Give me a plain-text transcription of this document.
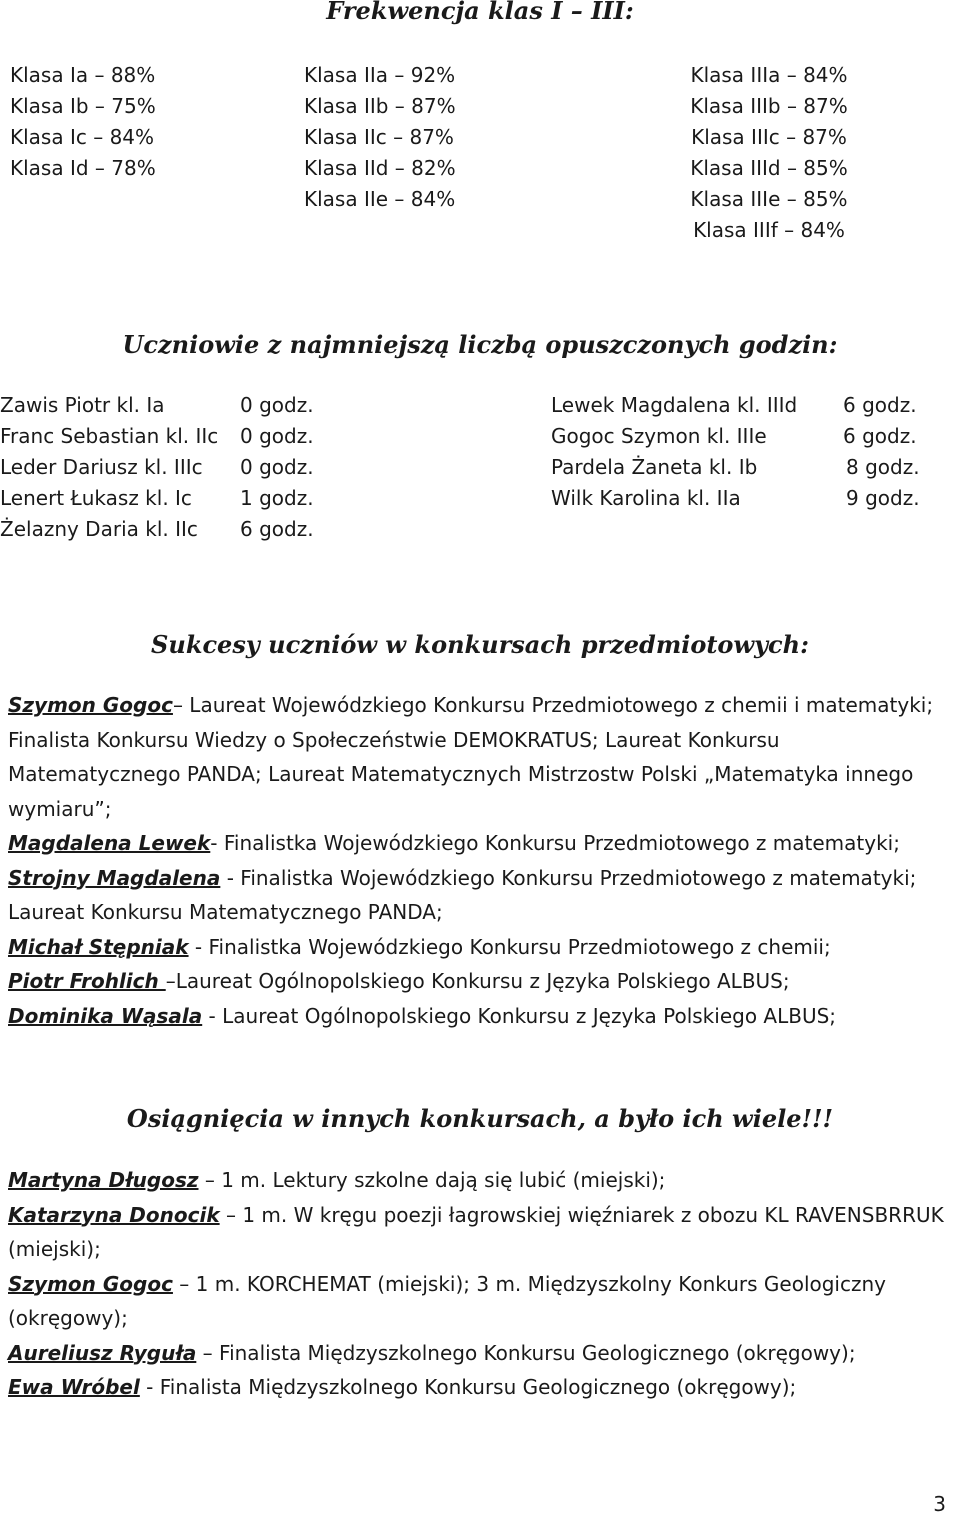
Frekwencja klas I – III:
Klasa Ia – 88%
Klasa Ib – 75%
Klasa Ic – 84%
Klasa Id – 78%
Klasa IIa – 92%
Klasa IIb – 87%
Klasa IIc – 87%
Klasa IId – 82%
Klasa IIe – 84%
Klasa IIIa – 84%
Klasa IIIb – 87%
Klasa IIIc – 87%
Klasa IIId – 85%
Klasa IIIe – 85%
Klasa IIIf – 84%
Uczniowie z najmniejszą liczbą opuszczonych godzin:
Zawis Piotr kl. Ia	0 godz.
Franc Sebastian kl. IIc 0 godz.
Leder Dariusz kl. IIIc 0 godz.
Lenert Łukasz kl. Ic 1 godz.
Żelazny Daria kl. IIc 6 godz.
Lewek Magdalena kl. IIId 6 godz.
Gogoc Szymon kl. IIIe	6 godz.
Pardela Żaneta kl. Ib	8 godz.
Wilk Karolina kl. IIa	9 godz.
Sukcesy uczniów w konkursach przedmiotowych:

Szymon Gogoc– Laureat Wojewódzkiego Konkursu Przedmiotowego z chemii i matematyki; Finalista Konkursu Wiedzy o Społeczeństwie DEMOKRATUS; Laureat Konkursu Matematycznego PANDA; Laureat Matematycznych Mistrzostw Polski „Matematyka innego wymiaru”;

Magdalena Lewek- Finalistka Wojewódzkiego Konkursu Przedmiotowego z matematyki;

Strojny Magdalena - Finalistka Wojewódzkiego Konkursu Przedmiotowego z matematyki; Laureat Konkursu Matematycznego PANDA;

Michał Stępniak - Finalistka Wojewódzkiego Konkursu Przedmiotowego z chemii;

Piotr Frohlich –Laureat Ogólnopolskiego Konkursu z Języka Polskiego ALBUS;

Dominika Wąsala - Laureat Ogólnopolskiego Konkursu z Języka Polskiego ALBUS;

Osiągnięcia w innych konkursach, a było ich wiele!!!

Martyna Długosz – 1 m. Lektury szkolne dają się lubić (miejski);

Katarzyna Donocik – 1 m. W kręgu poezji łagrowskiej więźniarek z obozu KL RAVENSBRRUK (miejski);

Szymon Gogoc – 1 m. KORCHEMAT (miejski); 3 m. Międzyszkolny Konkurs Geologiczny (okręgowy);

Aureliusz Ryguła – Finalista Międzyszkolnego Konkursu Geologicznego (okręgowy);

Ewa Wróbel - Finalista Międzyszkolnego Konkursu Geologicznego (okręgowy);

3
